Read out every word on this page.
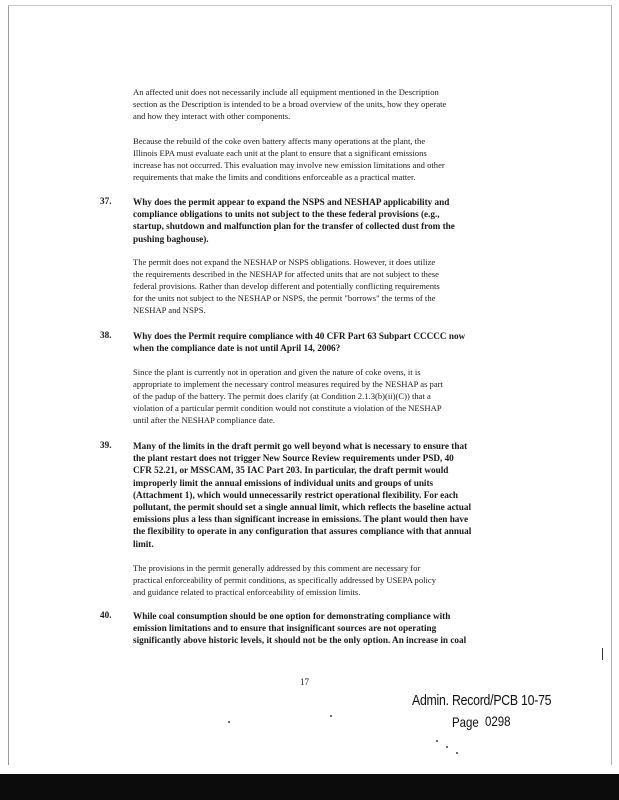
An affected unit does not necessarily include all equipment mentioned in the Description
section as the Description is intended to be a broad overview of the units, how they operate
and how they interact with other components.

Because the rebuild of the coke oven battery affects many operations at the plant, the
Illinois EPA must evaluate each unit at the plant to ensure that a significant emissions
increase has not occurred. This evaluation may involve new emission limitations and other
requirements that make the limits and conditions enforceable as a practical matter.

37. Why does the permit appear to expand the NSPS and NESHAP applicability and
compliance obligations to units not subject to the these federal provisions (e.g.,
startup, shutdown and malfunction plan for the transfer of collected dust from the
pushing baghouse).

The permit does not expand the NESHAP or NSPS obligations. However, it does utilize
the requirements described in the NESHAP for affected units that are not subject to these
federal provisions. Rather than develop different and potentially conflicting requirements
for the units not subject to the NESHAP or NSPS, the permit "borrows" the terms of the
NESHAP and NSPS.

38. Why does the Permit require compliance with 40 CFR Part 63 Subpart CCCCC now
when the compliance date is not until April 14, 2006?

Since the plant is currently not in operation and given the nature of coke ovens, it is
appropriate to implement the necessary control measures required by the NESHAP as part
of the padup of the battery. The permit does clarify (at Condition 2.1.3(b)(ii)(C)) that a
violation of a particular permit condition would not constitute a violation of the NESHAP
until after the NESHAP compliance date.

39. Many of the limits in the draft permit go well beyond what is necessary to ensure that
the plant restart does not trigger New Source Review requirements under PSD, 40
CFR 52.21, or MSSCAM, 35 IAC Part 203. In particular, the draft permit would
improperly limit the annual emissions of individual units and groups of units
(Attachment 1), which would unnecessarily restrict operational flexibility. For each
pollutant, the permit should set a single annual limit, which reflects the baseline actual
emissions plus a less than significant increase in emissions. The plant would then have
the flexibility to operate in any configuration that assures compliance with that annual
limit.

The provisions in the permit generally addressed by this comment are necessary for
practical enforceability of permit conditions, as specifically addressed by USEPA policy
and guidance related to practical enforceability of emission limits.

40. While coal consumption should be one option for demonstrating compliance with
emission limitations and to ensure that insignificant sources are not operating
significantly above historic levels, it should not be the only option. An increase in coal

17
Admin. Record/PCB 10-75
Page 0298
